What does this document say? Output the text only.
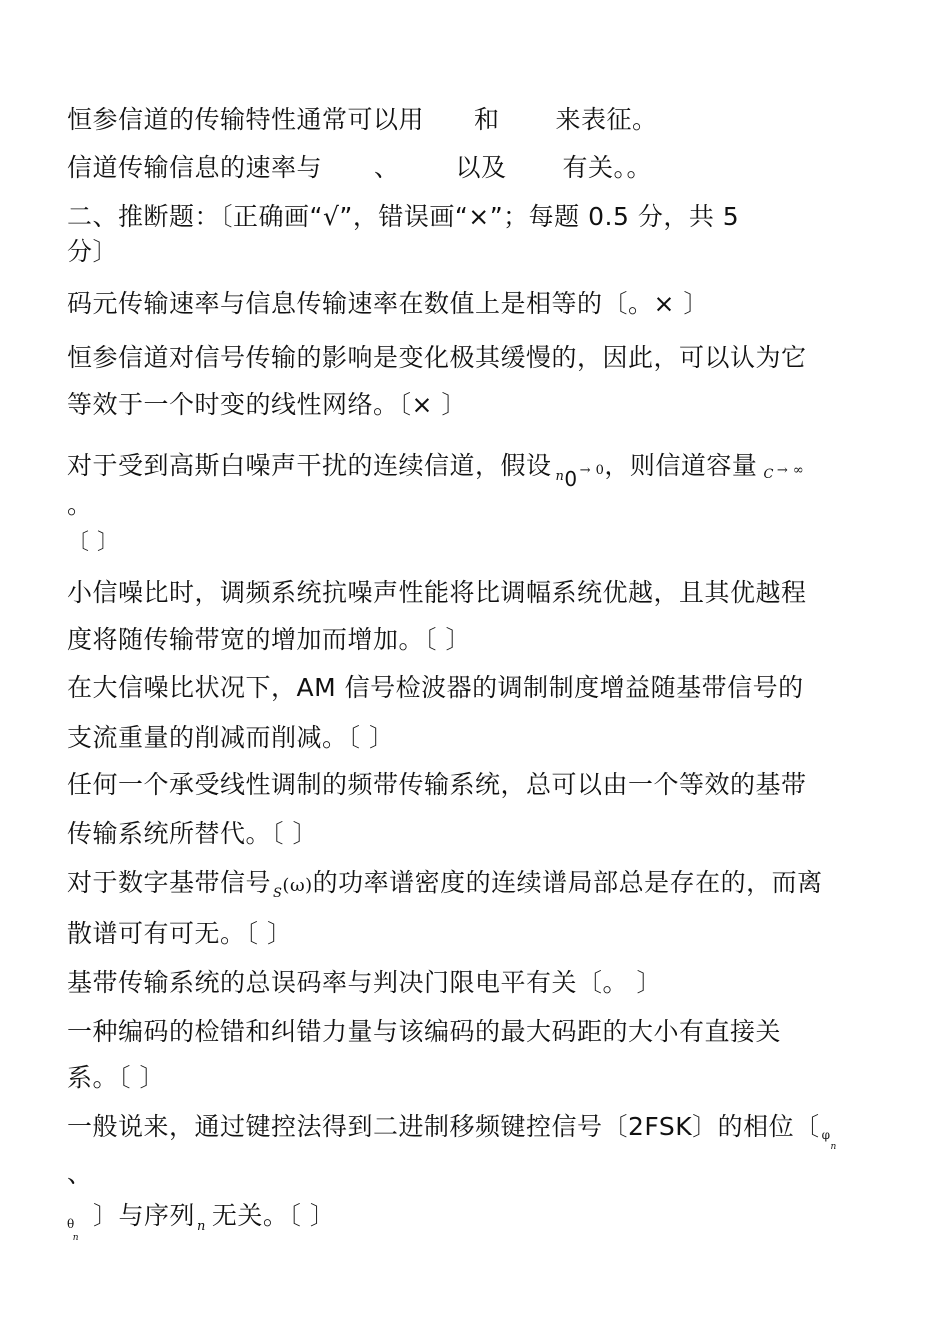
恒参信道的传输特性通常可以用 和 来表征。
信道传输信息的速率与 、 以及 有关。。
二、推断题：〔正确画“√”，错误画“×”；每题 0.5 分，共 5
分〕
码元传输速率与信息传输速率在数值上是相等的〔。× 〕
恒参信道对信号传输的影响是变化极其缓慢的，因此，可以认为它
等效于一个时变的线性网络。〔× 〕
对于受到高斯白噪声干扰的连续信道，假设 $_{n0}$ → 0，则信道容量 C → ∞
。
〔 〕
小信噪比时，调频系统抗噪声性能将比调幅系统优越，且其优越程
度将随传输带宽的增加而增加。〔 〕
在大信噪比状况下，AM 信号检波器的调制制度增益随基带信号的
支流重量的削减而削减。〔 〕
任何一个承受线性调制的频带传输系统，总可以由一个等效的基带
传输系统所替代。〔 〕
对于数字基带信号 $_S$(ω)的功率谱密度的连续谱局部总是存在的，而离
散谱可有可无。〔 〕
基带传输系统的总误码率与判决门限电平有关〔。 〕
一种编码的检错和纠错力量与该编码的最大码距的大小有直接关
系。〔 〕
一般说来，通过键控法得到二进制移频键控信号〔2FSK〕的相位〔 $\varphi_n$
、
$\theta_n$〕与序列 $_n$ 无关。〔 〕
